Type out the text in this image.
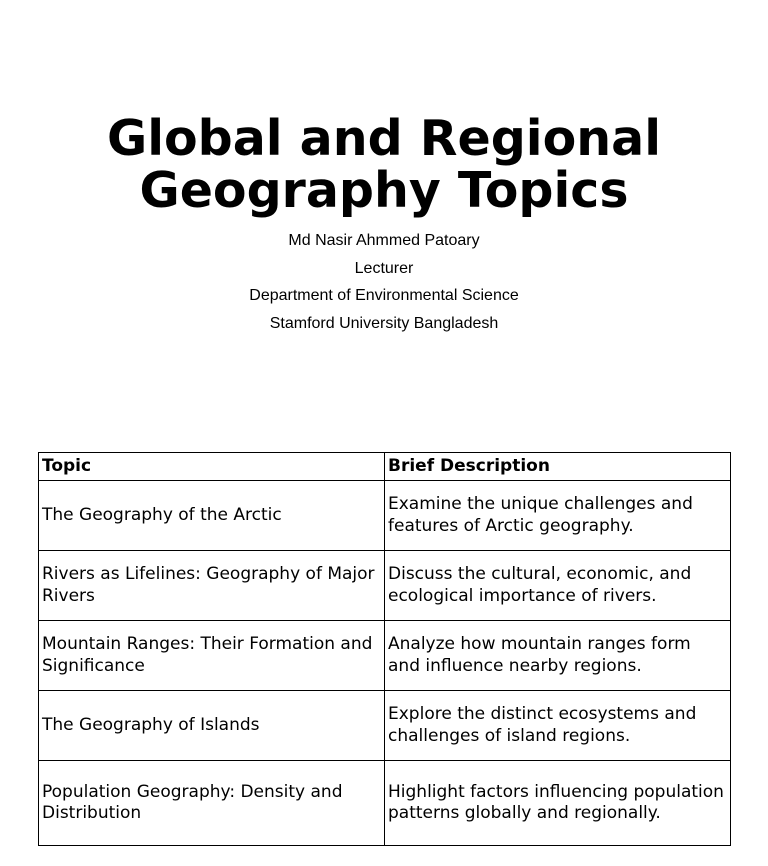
Global and Regional Geography Topics
Md Nasir Ahmmed Patoary
Lecturer
Department of Environmental Science
Stamford University Bangladesh
Topic	Brief Description
The Geography of the Arctic	Examine the unique challenges and features of Arctic geography.
Rivers as Lifelines: Geography of Major Rivers	Discuss the cultural, economic, and ecological importance of rivers.
Mountain Ranges: Their Formation and Significance	Analyze how mountain ranges form and influence nearby regions.
The Geography of Islands	Explore the distinct ecosystems and challenges of island regions.
Population Geography: Density and Distribution	Highlight factors influencing population patterns globally and regionally.
